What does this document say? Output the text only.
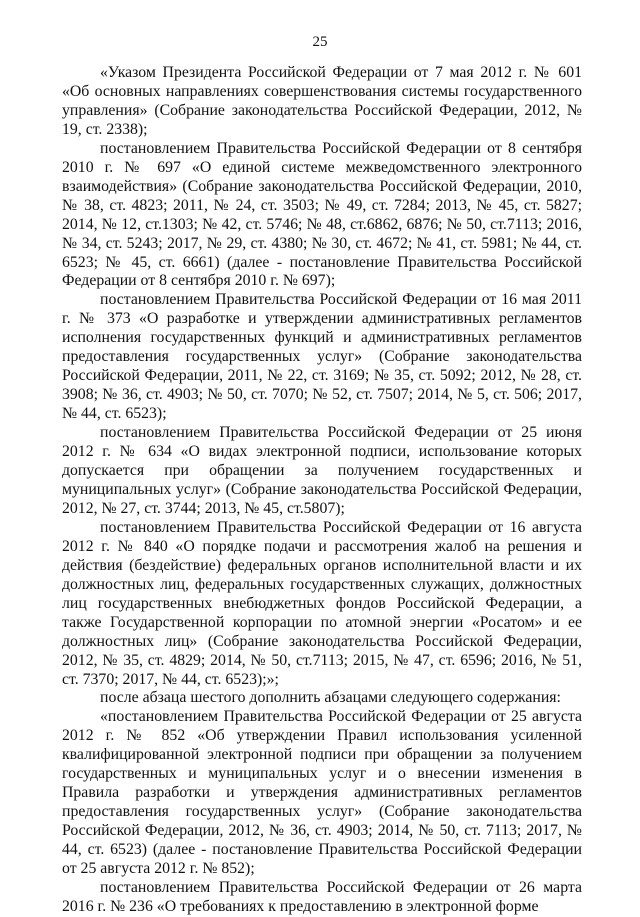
25

«Указом Президента Российской Федерации от 7 мая 2012 г. № 601 «Об основных направлениях совершенствования системы государственного управления» (Собрание законодательства Российской Федерации, 2012, № 19, ст. 2338);

постановлением Правительства Российской Федерации от 8 сентября 2010 г. № 697 «О единой системе межведомственного электронного взаимодействия» (Собрание законодательства Российской Федерации, 2010, № 38, ст. 4823; 2011, № 24, ст. 3503; № 49, ст. 7284; 2013, № 45, ст. 5827; 2014, № 12, ст.1303; № 42, ст. 5746; № 48, ст.6862, 6876; № 50, ст.7113; 2016, № 34, ст. 5243; 2017, № 29, ст. 4380; № 30, ст. 4672; № 41, ст. 5981; № 44, ст. 6523; № 45, ст. 6661) (далее - постановление Правительства Российской Федерации от 8 сентября 2010 г. № 697);

постановлением Правительства Российской Федерации от 16 мая 2011 г. № 373 «О разработке и утверждении административных регламентов исполнения государственных функций и административных регламентов предоставления государственных услуг» (Собрание законодательства Российской Федерации, 2011, № 22, ст. 3169; № 35, ст. 5092; 2012, № 28, ст. 3908; № 36, ст. 4903; № 50, ст. 7070; № 52, ст. 7507; 2014, № 5, ст. 506; 2017, № 44, ст. 6523);

постановлением Правительства Российской Федерации от 25 июня 2012 г. № 634 «О видах электронной подписи, использование которых допускается при обращении за получением государственных и муниципальных услуг» (Собрание законодательства Российской Федерации, 2012, № 27, ст. 3744; 2013, № 45, ст.5807);

постановлением Правительства Российской Федерации от 16 августа 2012 г. № 840 «О порядке подачи и рассмотрения жалоб на решения и действия (бездействие) федеральных органов исполнительной власти и их должностных лиц, федеральных государственных служащих, должностных лиц государственных внебюджетных фондов Российской Федерации, а также Государственной корпорации по атомной энергии «Росатом» и ее должностных лиц» (Собрание законодательства Российской Федерации, 2012, № 35, ст. 4829; 2014, № 50, ст.7113; 2015, № 47, ст. 6596; 2016, № 51, ст. 7370; 2017, № 44, ст. 6523);»;

после абзаца шестого дополнить абзацами следующего содержания:

«постановлением Правительства Российской Федерации от 25 августа 2012 г. № 852 «Об утверждении Правил использования усиленной квалифицированной электронной подписи при обращении за получением государственных и муниципальных услуг и о внесении изменения в Правила разработки и утверждения административных регламентов предоставления государственных услуг» (Собрание законодательства Российской Федерации, 2012, № 36, ст. 4903; 2014, № 50, ст. 7113; 2017, № 44, ст. 6523) (далее - постановление Правительства Российской Федерации от 25 августа 2012 г. № 852);

постановлением Правительства Российской Федерации от 26 марта 2016 г. № 236 «О требованиях к предоставлению в электронной форме
